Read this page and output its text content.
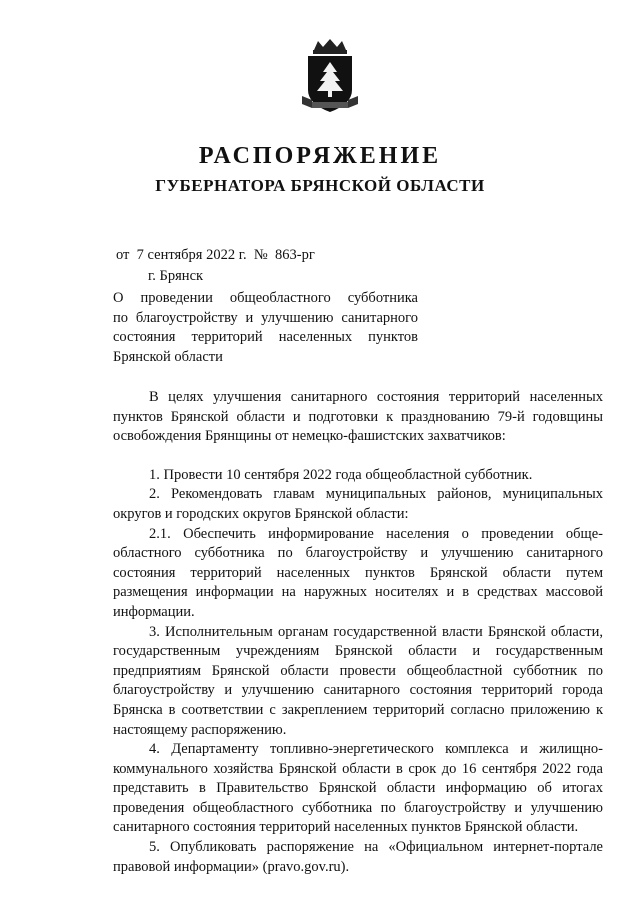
РАСПОРЯЖЕНИЕ
ГУБЕРНАТОРА БРЯНСКОЙ ОБЛАСТИ
от 7 сентября 2022 г. № 863-рг
г. Брянск
О проведении общеобластного субботника
по благоустройству и улучшению санитарного
состояния территорий населенных пунктов
Брянской области

В целях улучшения санитарного состояния территорий населенных пунктов Брянской области и подготовки к празднованию 79-й годовщины освобождения Брянщины от немецко-фашистских захватчиков:

1. Провести 10 сентября 2022 года общеобластной субботник.

2. Рекомендовать главам муниципальных районов, муниципальных округов и городских округов Брянской области:

2.1. Обеспечить информирование населения о проведении общеобластного субботника по благоустройству и улучшению санитарного состояния территорий населенных пунктов Брянской области путем размещения информации на наружных носителях и в средствах массовой информации.

3. Исполнительным органам государственной власти Брянской области, государственным учреждениям Брянской области и государственным предприятиям Брянской области провести общеобластной субботник по благоустройству и улучшению санитарного состояния территорий города Брянска в соответствии с закреплением территорий согласно приложению к настоящему распоряжению.

4. Департаменту топливно-энергетического комплекса и жилищно-коммунального хозяйства Брянской области в срок до 16 сентября 2022 года представить в Правительство Брянской области информацию об итогах проведения общеобластного субботника по благоустройству и улучшению санитарного состояния территорий населенных пунктов Брянской области.

5. Опубликовать распоряжение на «Официальном интернет-портале правовой информации» (pravo.gov.ru).
